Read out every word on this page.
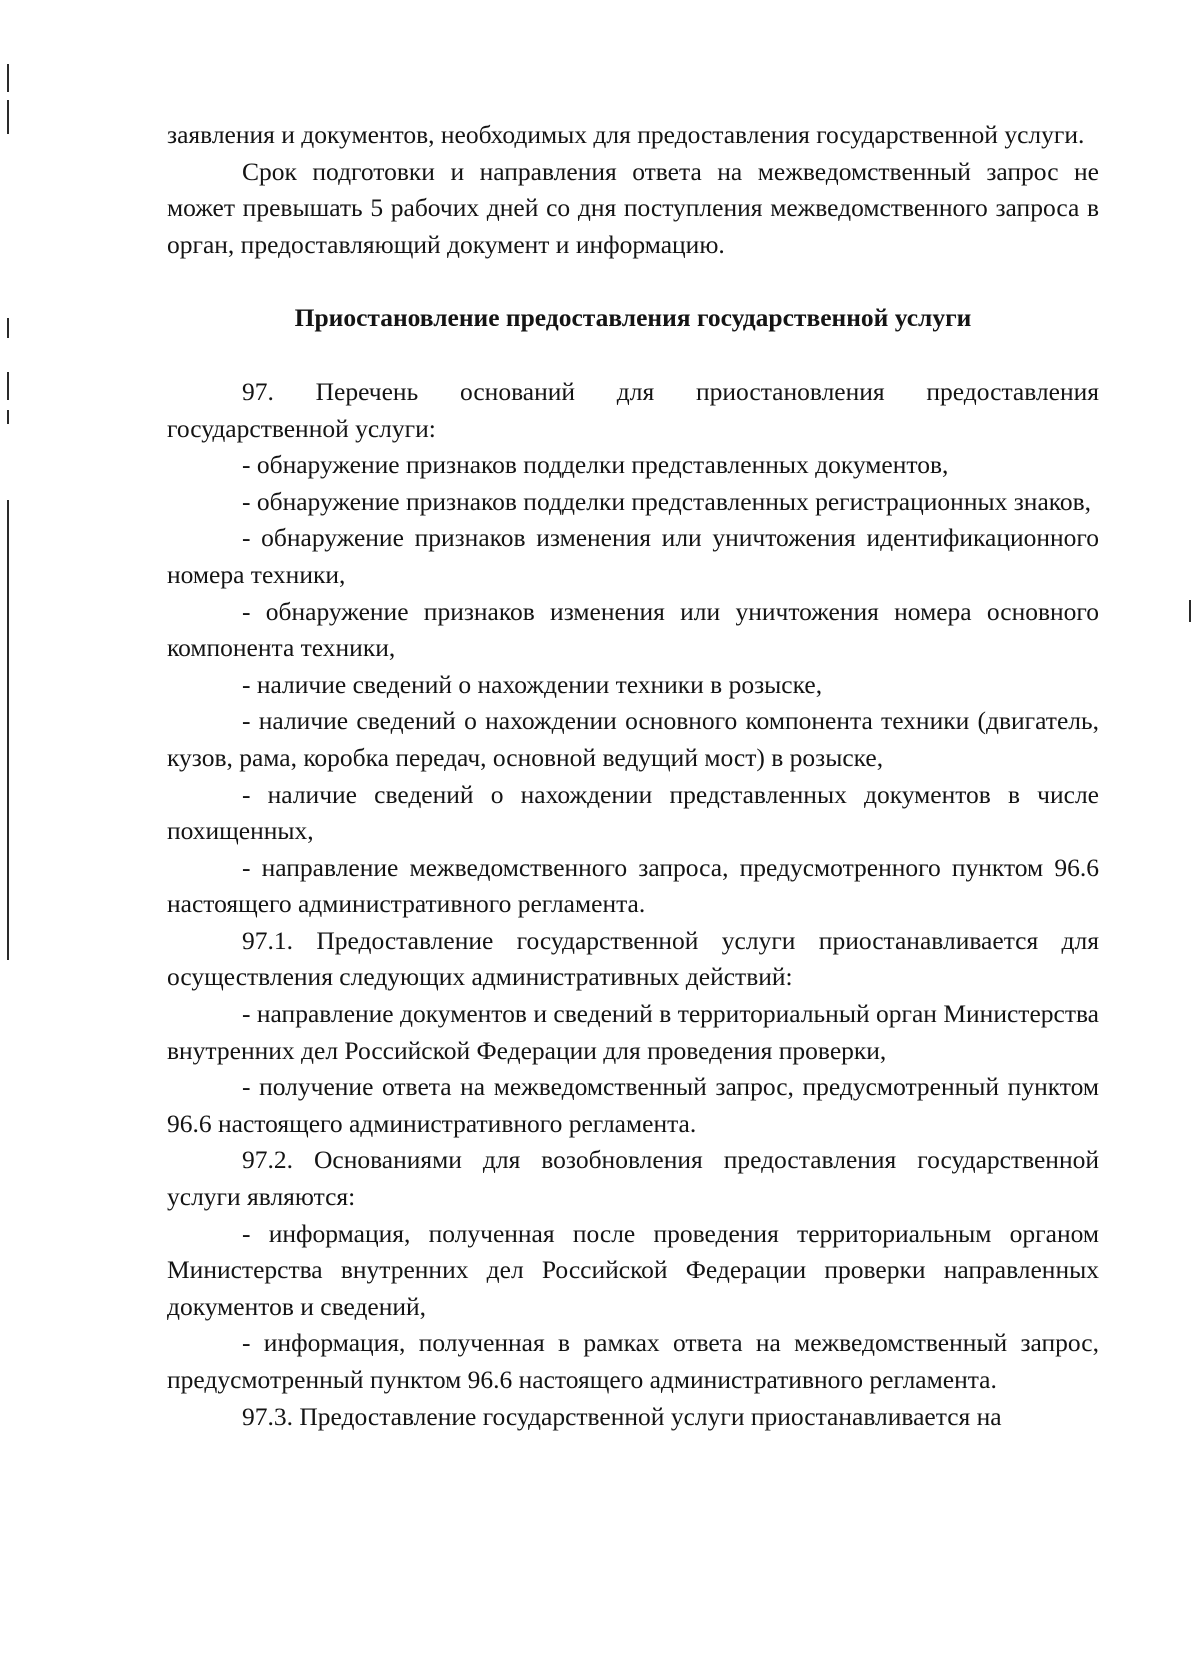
заявления и документов, необходимых для предоставления государственной услуги.

Срок подготовки и направления ответа на межведомственный запрос не может превышать 5 рабочих дней со дня поступления межведомственного запроса в орган, предоставляющий документ и информацию.

Приостановление предоставления государственной услуги

97. Перечень оснований для приостановления предоставления государственной услуги:

- обнаружение признаков подделки представленных документов,

- обнаружение признаков подделки представленных регистрационных знаков,

- обнаружение признаков изменения или уничтожения идентификационного номера техники,

- обнаружение признаков изменения или уничтожения номера основного компонента техники,

- наличие сведений о нахождении техники в розыске,

- наличие сведений о нахождении основного компонента техники (двигатель, кузов, рама, коробка передач, основной ведущий мост) в розыске,

- наличие сведений о нахождении представленных документов в числе похищенных,

- направление межведомственного запроса, предусмотренного пунктом 96.6 настоящего административного регламента.

97.1. Предоставление государственной услуги приостанавливается для осуществления следующих административных действий:

- направление документов и сведений в территориальный орган Министерства внутренних дел Российской Федерации для проведения проверки,

- получение ответа на межведомственный запрос, предусмотренный пунктом 96.6 настоящего административного регламента.

97.2. Основаниями для возобновления предоставления государственной услуги являются:

- информация, полученная после проведения территориальным органом Министерства внутренних дел Российской Федерации проверки направленных документов и сведений,

- информация, полученная в рамках ответа на межведомственный запрос, предусмотренный пунктом 96.6 настоящего административного регламента.

97.3. Предоставление государственной услуги приостанавливается на
